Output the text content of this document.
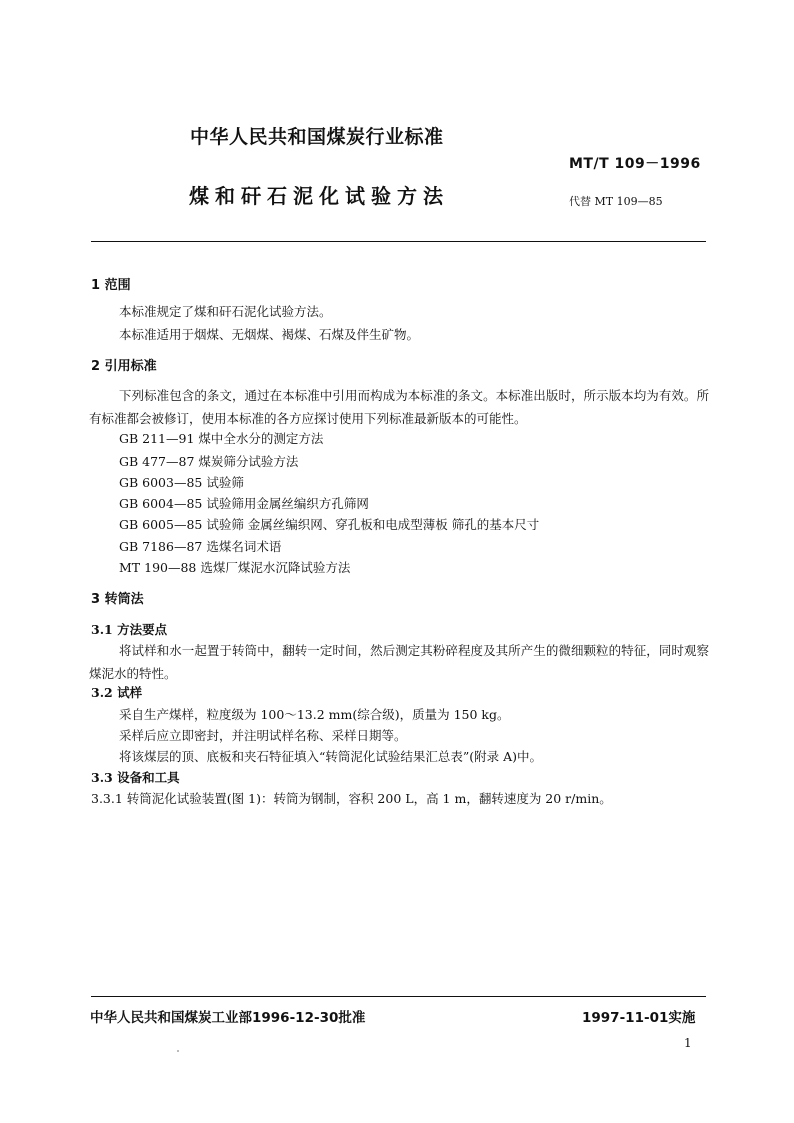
中华人民共和国煤炭行业标准
MT/T 109－1996
煤和矸石泥化试验方法	代替 MT 109—85
1 范围
本标准规定了煤和矸石泥化试验方法。
本标准适用于烟煤、无烟煤、褐煤、石煤及伴生矿物。
2 引用标准
下列标准包含的条文，通过在本标准中引用而构成为本标准的条文。本标准出版时，所示版本均为有效。所有标准都会被修订，使用本标准的各方应探讨使用下列标准最新版本的可能性。
GB 211—91 煤中全水分的测定方法
GB 477—87 煤炭筛分试验方法
GB 6003—85 试验筛
GB 6004—85 试验筛用金属丝编织方孔筛网
GB 6005—85 试验筛 金属丝编织网、穿孔板和电成型薄板 筛孔的基本尺寸
GB 7186—87 选煤名词术语
MT 190—88 选煤厂煤泥水沉降试验方法
3 转筒法
3.1 方法要点
将试样和水一起置于转筒中，翻转一定时间，然后测定其粉碎程度及其所产生的微细颗粒的特征，同时观察煤泥水的特性。
3.2 试样
采自生产煤样，粒度级为 100～13.2 mm(综合级)，质量为 150 kg。
采样后应立即密封，并注明试样名称、采样日期等。
将该煤层的顶、底板和夹石特征填入“转筒泥化试验结果汇总表”(附录 A)中。
3.3 设备和工具
3.3.1 转筒泥化试验装置(图 1)：转筒为钢制，容积 200 L，高 1 m，翻转速度为 20 r/min。
中华人民共和国煤炭工业部1996-12-30批准	1997-11-01实施
1
